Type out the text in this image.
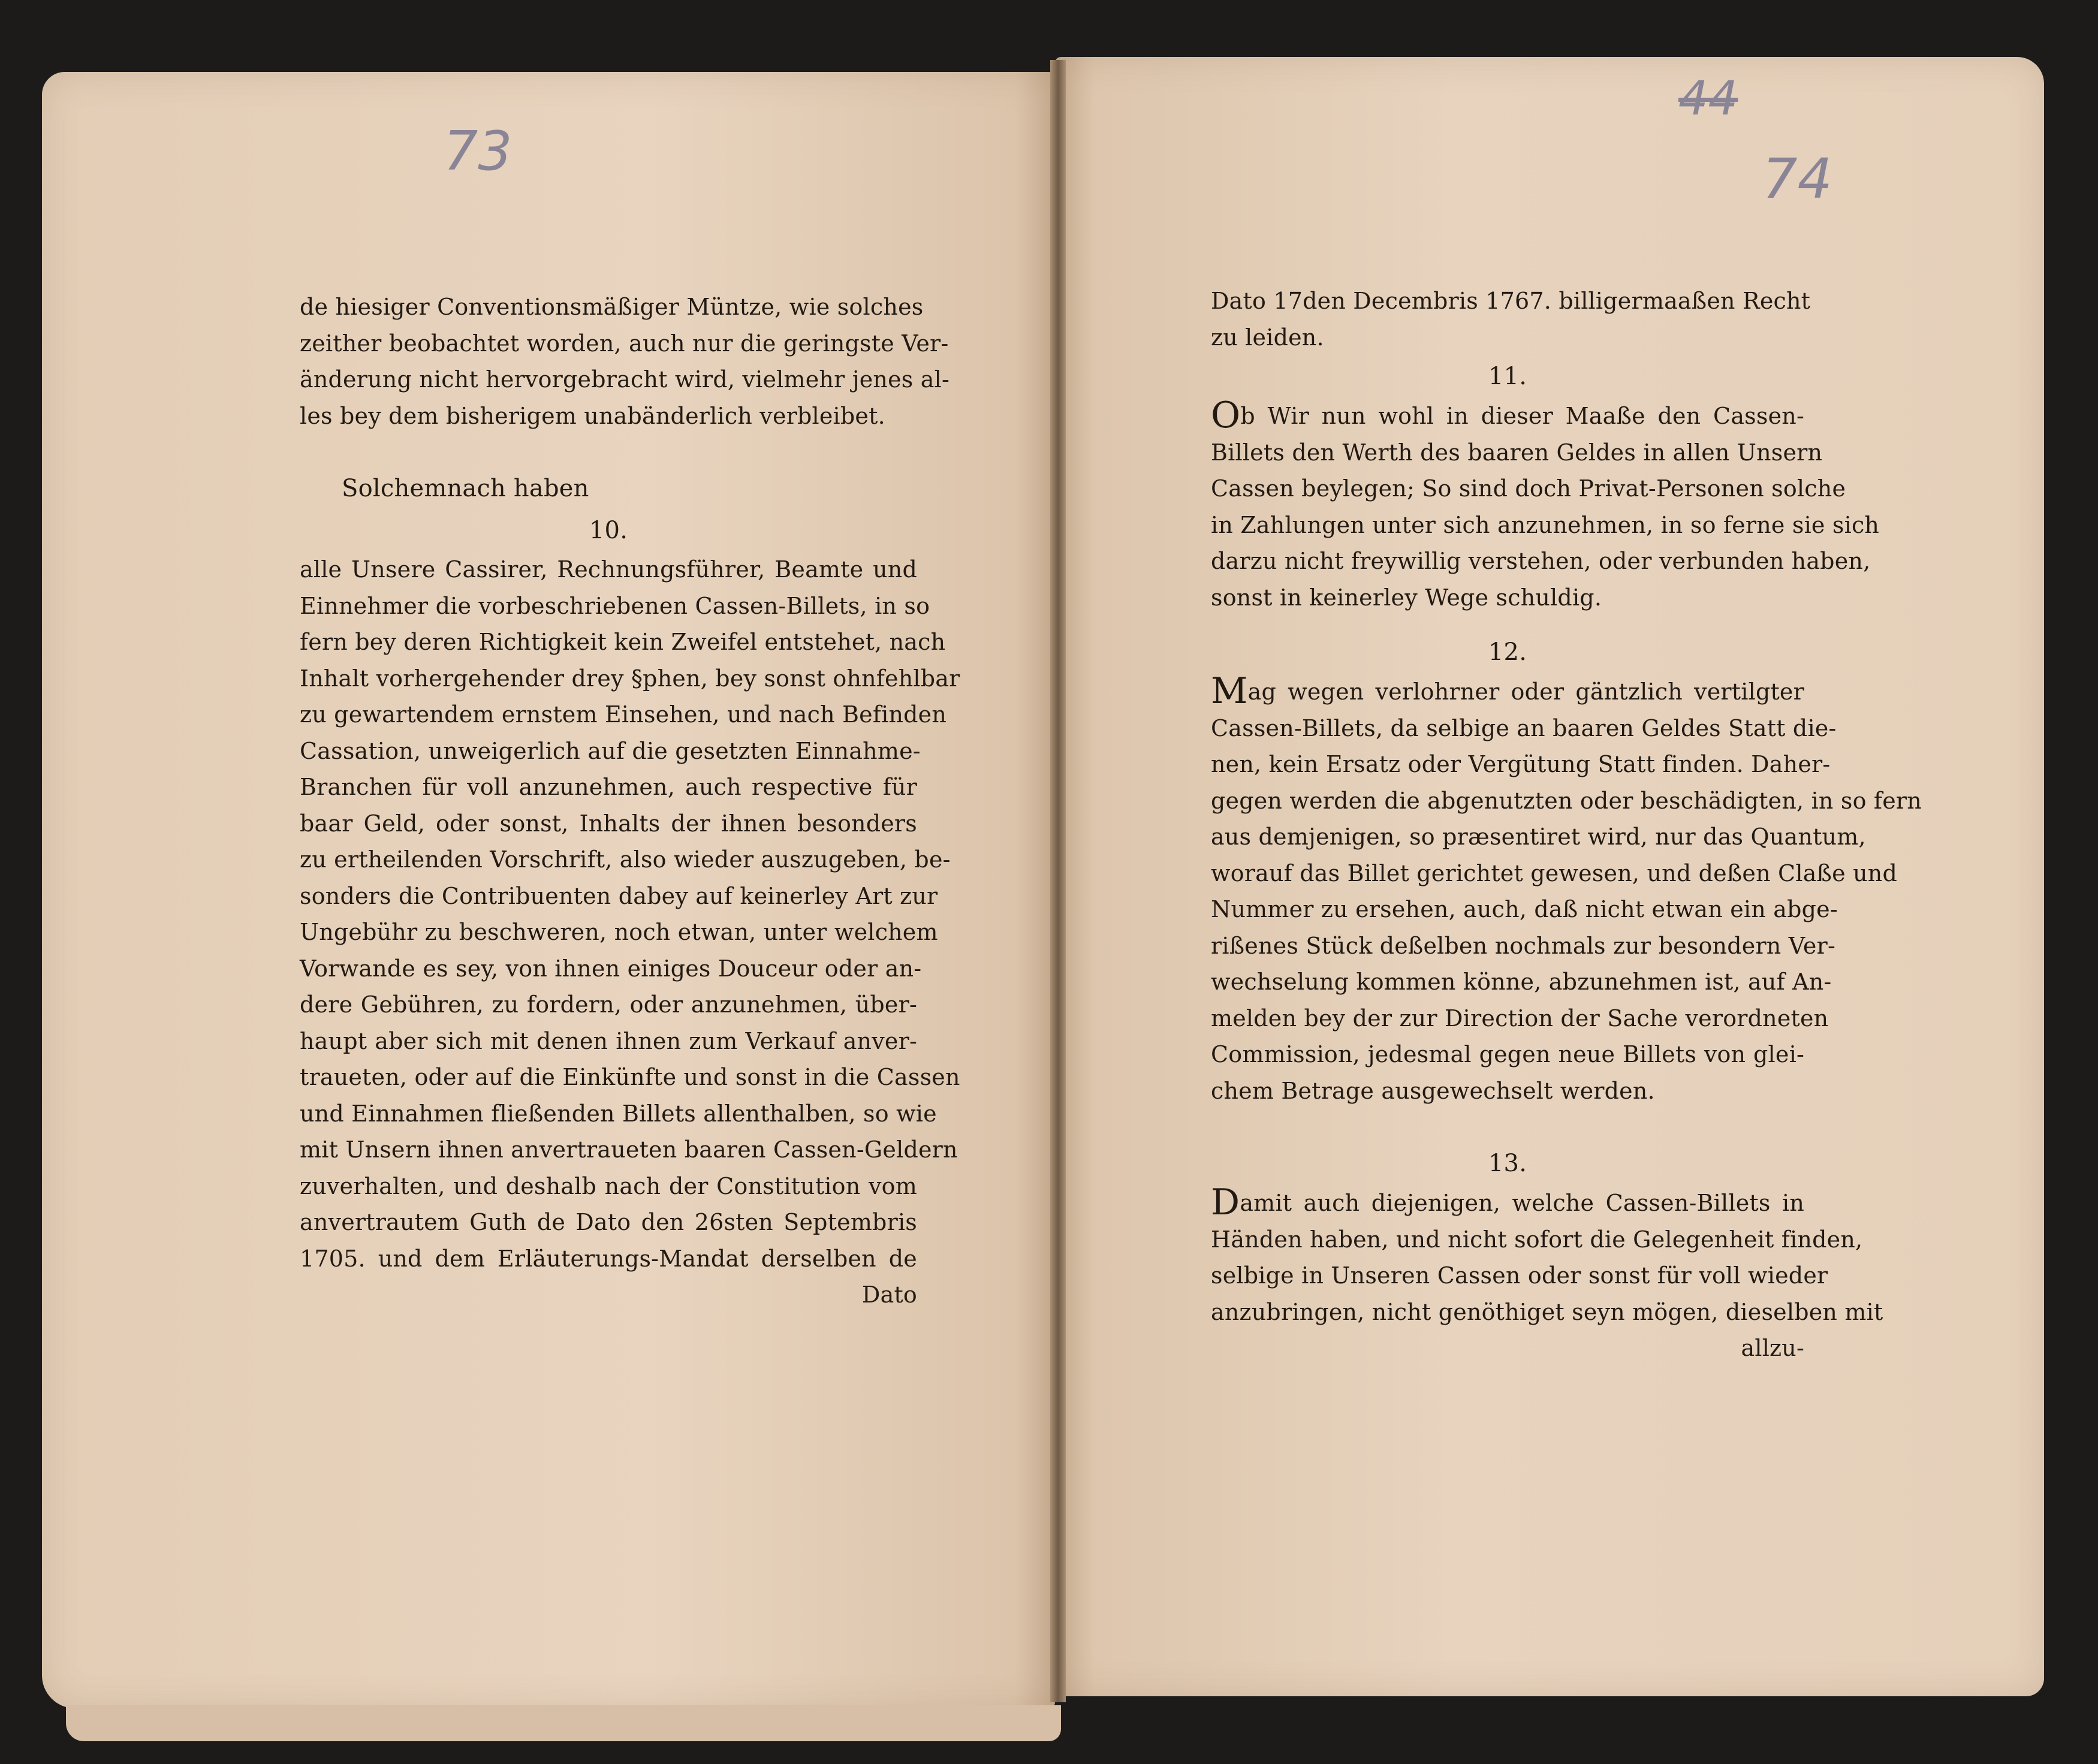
73
44
74
de hiesiger Conventionsmäßiger Müntze, wie solches
zeither beobachtet worden, auch nur die geringste Ver-
änderung nicht hervorgebracht wird, vielmehr jenes al-
les bey dem bisherigem unabänderlich verbleibet.
Solchemnach haben
10.
alle Unsere Cassirer, Rechnungsführer, Beamte und
Einnehmer die vorbeschriebenen Cassen-Billets, in so
fern bey deren Richtigkeit kein Zweifel entstehet, nach
Inhalt vorhergehender drey §phen, bey sonst ohnfehlbar
zu gewartendem ernstem Einsehen, und nach Befinden
Cassation, unweigerlich auf die gesetzten Einnahme-
Branchen für voll anzunehmen, auch respective für
baar Geld, oder sonst, Inhalts der ihnen besonders
zu ertheilenden Vorschrift, also wieder auszugeben, be-
sonders die Contribuenten dabey auf keinerley Art zur
Ungebühr zu beschweren, noch etwan, unter welchem
Vorwande es sey, von ihnen einiges Douceur oder an-
dere Gebühren, zu fordern, oder anzunehmen, über-
haupt aber sich mit denen ihnen zum Verkauf anver-
traueten, oder auf die Einkünfte und sonst in die Cassen
und Einnahmen fließenden Billets allenthalben, so wie
mit Unsern ihnen anvertraueten baaren Cassen-Geldern
zuverhalten, und deshalb nach der Constitution vom
anvertrautem Guth de Dato den 26sten Septembris
1705. und dem Erläuterungs-Mandat derselben de
Dato
Dato 17den Decembris 1767. billigermaaßen Recht
zu leiden.
11.
Ob Wir nun wohl in dieser Maaße den Cassen-
Billets den Werth des baaren Geldes in allen Unsern
Cassen beylegen; So sind doch Privat-Personen solche
in Zahlungen unter sich anzunehmen, in so ferne sie sich
darzu nicht freywillig verstehen, oder verbunden haben,
sonst in keinerley Wege schuldig.
12.
Mag wegen verlohrner oder gäntzlich vertilgter
Cassen-Billets, da selbige an baaren Geldes Statt die-
nen, kein Ersatz oder Vergütung Statt finden. Daher-
gegen werden die abgenutzten oder beschädigten, in so fern
aus demjenigen, so præsentiret wird, nur das Quantum,
worauf das Billet gerichtet gewesen, und deßen Claße und
Nummer zu ersehen, auch, daß nicht etwan ein abge-
rißenes Stück deßelben nochmals zur besondern Ver-
wechselung kommen könne, abzunehmen ist, auf An-
melden bey der zur Direction der Sache verordneten
Commission, jedesmal gegen neue Billets von glei-
chem Betrage ausgewechselt werden.
13.
Damit auch diejenigen, welche Cassen-Billets in
Händen haben, und nicht sofort die Gelegenheit finden,
selbige in Unseren Cassen oder sonst für voll wieder
anzubringen, nicht genöthiget seyn mögen, dieselben mit
allzu-
